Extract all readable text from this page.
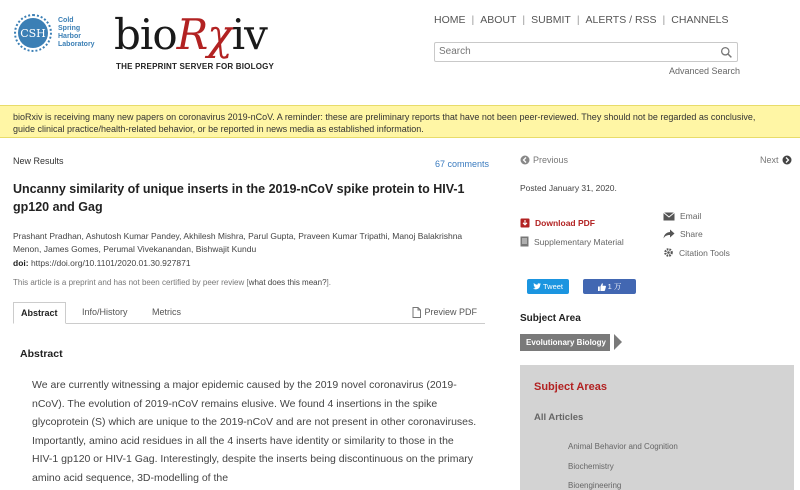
CSH
Cold
Spring
Harbor
Laboratory bioRχiv
THE PREPRINT SERVER FOR BIOLOGY
HOME | ABOUT | SUBMIT | ALERTS / RSS | CHANNELS
Search
Advanced Search
bioRxiv is receiving many new papers on coronavirus 2019-nCoV. A reminder: these are preliminary reports that have not been peer-reviewed. They should not be regarded as conclusive, guide clinical practice/health-related behavior, or be reported in news media as established information.
New Results	67 comments
Uncanny similarity of unique inserts in the 2019-nCoV spike protein to HIV-1 gp120 and Gag
Prashant Pradhan, Ashutosh Kumar Pandey, Akhilesh Mishra, Parul Gupta, Praveen Kumar Tripathi, Manoj Balakrishna Menon, James Gomes, Perumal Vivekanandan, Bishwajit Kundu
doi: https://doi.org/10.1101/2020.01.30.927871
This article is a preprint and has not been certified by peer review [what does this mean?].
Abstract	Info/History	Metrics	Preview PDF
Abstract
We are currently witnessing a major epidemic caused by the 2019 novel coronavirus (2019- nCoV). The evolution of 2019-nCoV remains elusive. We found 4 insertions in the spike glycoprotein (S) which are unique to the 2019-nCoV and are not present in other coronaviruses. Importantly, amino acid residues in all the 4 inserts have identity or similarity to those in the HIV-1 gp120 or HIV-1 Gag. Interestingly, despite the inserts being discontinuous on the primary amino acid sequence, 3D-modelling of the
Previous	Next
Posted January 31, 2020.
Download PDF
Supplementary Material
Email
Share
Citation Tools
Tweet	1 万
Subject Area
Evolutionary Biology
Subject Areas
All Articles
Animal Behavior and Cognition
Biochemistry
Bioengineering
